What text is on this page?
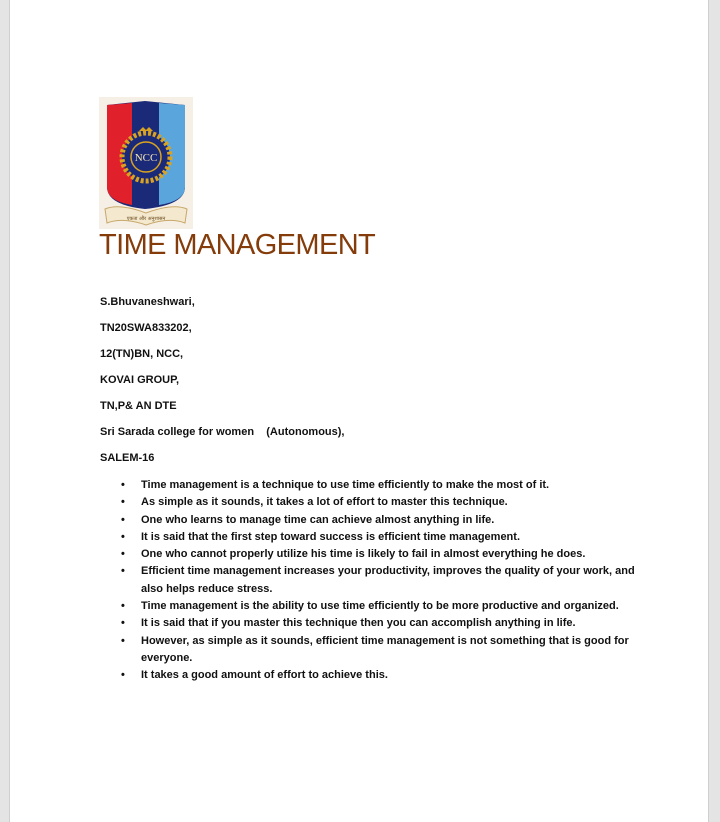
NCC
एकता और अनुशासन
TIME MANAGEMENT
S.Bhuvaneshwari,
TN20SWA833202,
12(TN)BN, NCC,
KOVAI GROUP,
TN,P& AN DTE
Sri Sarada college for women    (Autonomous),
SALEM-16
• Time management is a technique to use time efficiently to make the most of it.
• As simple as it sounds, it takes a lot of effort to master this technique.
• One who learns to manage time can achieve almost anything in life.
• It is said that the first step toward success is efficient time management.
• One who cannot properly utilize his time is likely to fail in almost everything he does.
• Efficient time management increases your productivity, improves the quality of your work, and also helps reduce stress.
• Time management is the ability to use time efficiently to be more productive and organized.
• It is said that if you master this technique then you can accomplish anything in life.
• However, as simple as it sounds, efficient time management is not something that is good for everyone.
• It takes a good amount of effort to achieve this.
